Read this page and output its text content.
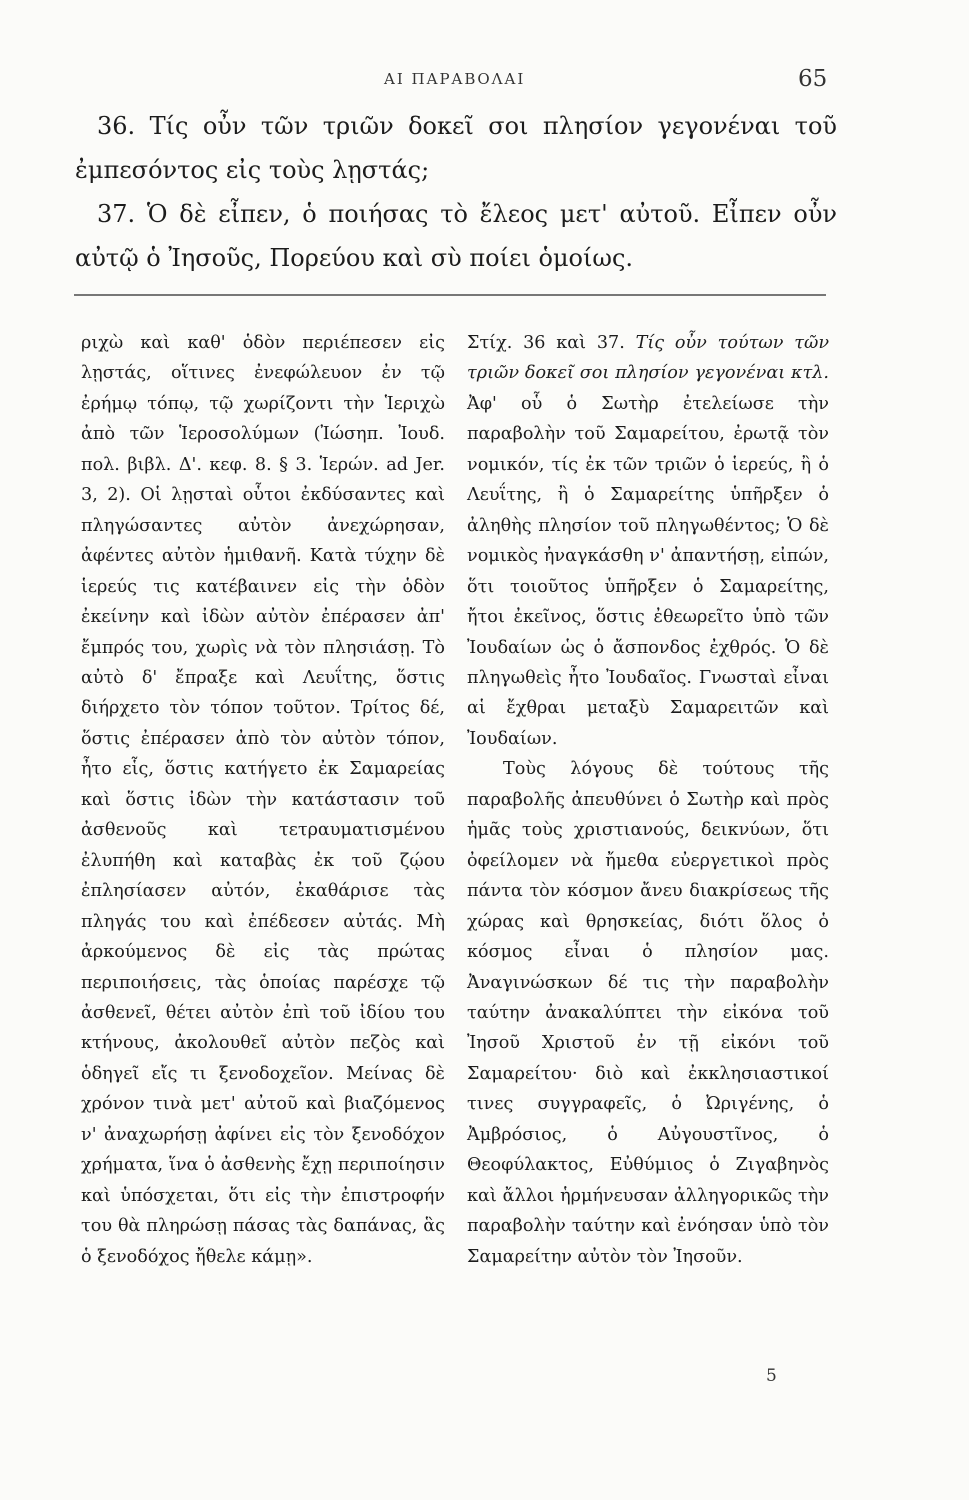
ΑΙ ΠΑΡΑΒΟΛΑΙ	65

36. Τίς οὖν τῶν τριῶν δοκεῖ σοι πλησίον γεγονέναι τοῦ ἐμπεσόντος εἰς τοὺς λῃστάς;

37. Ὁ δὲ εἶπεν, ὁ ποιήσας τὸ ἔλεος μετ' αὐτοῦ. Εἶπεν οὖν αὐτῷ ὁ Ἰησοῦς, Πορεύου καὶ σὺ ποίει ὁμοίως.

ριχὼ καὶ καθ' ὁδὸν περιέπεσεν εἰς λῃστάς, οἵτινες ἐνεφώλευον ἐν τῷ ἐρήμῳ τόπῳ, τῷ χωρίζοντι τὴν Ἱεριχὼ ἀπὸ τῶν Ἱεροσολύμων (Ἰώσηπ. Ἰουδ. πολ. βιβλ. Δ'. κεφ. 8. § 3. Ἱερών. ad Jer. 3, 2). Οἱ λῃσταὶ οὗτοι ἐκδύσαντες καὶ πληγώσαντες αὐτὸν ἀνεχώρησαν, ἀφέντες αὐτὸν ἡμιθανῆ. Κατὰ τύχην δὲ ἱερεύς τις κατέβαινεν εἰς τὴν ὁδὸν ἐκείνην καὶ ἰδὼν αὐτὸν ἐπέρασεν ἀπ' ἔμπρός του, χωρὶς νὰ τὸν πλησιάσῃ. Τὸ αὐτὸ δ' ἔπραξε καὶ Λευΐτης, ὅστις διήρχετο τὸν τόπον τοῦτον. Τρίτος δέ, ὅστις ἐπέρασεν ἀπὸ τὸν αὐτὸν τόπον, ἦτο εἷς, ὅστις κατήγετο ἐκ Σαμαρείας καὶ ὅστις ἰδὼν τὴν κατάστασιν τοῦ ἀσθενοῦς καὶ τετραυματισμένου ἐλυπήθη καὶ καταβὰς ἐκ τοῦ ζῴου ἐπλησίασεν αὐτόν, ἐκαθάρισε τὰς πληγάς του καὶ ἐπέδεσεν αὐτάς. Μὴ ἀρκούμενος δὲ εἰς τὰς πρώτας περιποιήσεις, τὰς ὁποίας παρέσχε τῷ ἀσθενεῖ, θέτει αὐτὸν ἐπὶ τοῦ ἰδίου του κτήνους, ἀκολουθεῖ αὐτὸν πεζὸς καὶ ὁδηγεῖ εἴς τι ξενοδοχεῖον. Μείνας δὲ χρόνον τινὰ μετ' αὐτοῦ καὶ βιαζόμενος ν' ἀναχωρήσῃ ἀφίνει εἰς τὸν ξενοδόχον χρήματα, ἵνα ὁ ἀσθενὴς ἔχῃ περιποίησιν καὶ ὑπόσχεται, ὅτι εἰς τὴν ἐπιστροφήν του θὰ πληρώσῃ πάσας τὰς δαπάνας, ἃς ὁ ξενοδόχος ἤθελε κάμῃ».

Στίχ. 36 καὶ 37. Τίς οὖν τούτων τῶν τριῶν δοκεῖ σοι πλησίον γεγονέναι κτλ. Ἀφ' οὗ ὁ Σωτὴρ ἐτελείωσε τὴν παραβολὴν τοῦ Σαμαρείτου, ἐρωτᾷ τὸν νομικόν, τίς ἐκ τῶν τριῶν ὁ ἱερεύς, ἢ ὁ Λευΐτης, ἢ ὁ Σαμαρείτης ὑπῆρξεν ὁ ἀληθὴς πλησίον τοῦ πληγωθέντος; Ὁ δὲ νομικὸς ἠναγκάσθη ν' ἀπαντήσῃ, εἰπών, ὅτι τοιοῦτος ὑπῆρξεν ὁ Σαμαρείτης, ἤτοι ἐκεῖνος, ὅστις ἐθεωρεῖτο ὑπὸ τῶν Ἰουδαίων ὡς ὁ ἄσπονδος ἐχθρός. Ὁ δὲ πληγωθεὶς ἦτο Ἰουδαῖος. Γνωσταὶ εἶναι αἱ ἔχθραι μεταξὺ Σαμαρειτῶν καὶ Ἰουδαίων.

Τοὺς λόγους δὲ τούτους τῆς παραβολῆς ἀπευθύνει ὁ Σωτὴρ καὶ πρὸς ἡμᾶς τοὺς χριστιανούς, δεικνύων, ὅτι ὀφείλομεν νὰ ἤμεθα εὐεργετικοὶ πρὸς πάντα τὸν κόσμον ἄνευ διακρίσεως τῆς χώρας καὶ θρησκείας, διότι ὅλος ὁ κόσμος εἶναι ὁ πλησίον μας. Ἀναγινώσκων δέ τις τὴν παραβολὴν ταύτην ἀνακαλύπτει τὴν εἰκόνα τοῦ Ἰησοῦ Χριστοῦ ἐν τῇ εἰκόνι τοῦ Σαμαρείτου· διὸ καὶ ἐκκλησιαστικοί τινες συγγραφεῖς, ὁ Ὠριγένης, ὁ Ἀμβρόσιος, ὁ Αὐγουστῖνος, ὁ Θεοφύλακτος, Εὐθύμιος ὁ Ζιγαβηνὸς καὶ ἄλλοι ἡρμήνευσαν ἀλληγορικῶς τὴν παραβολὴν ταύτην καὶ ἐνόησαν ὑπὸ τὸν Σαμαρείτην αὐτὸν τὸν Ἰησοῦν.

5
